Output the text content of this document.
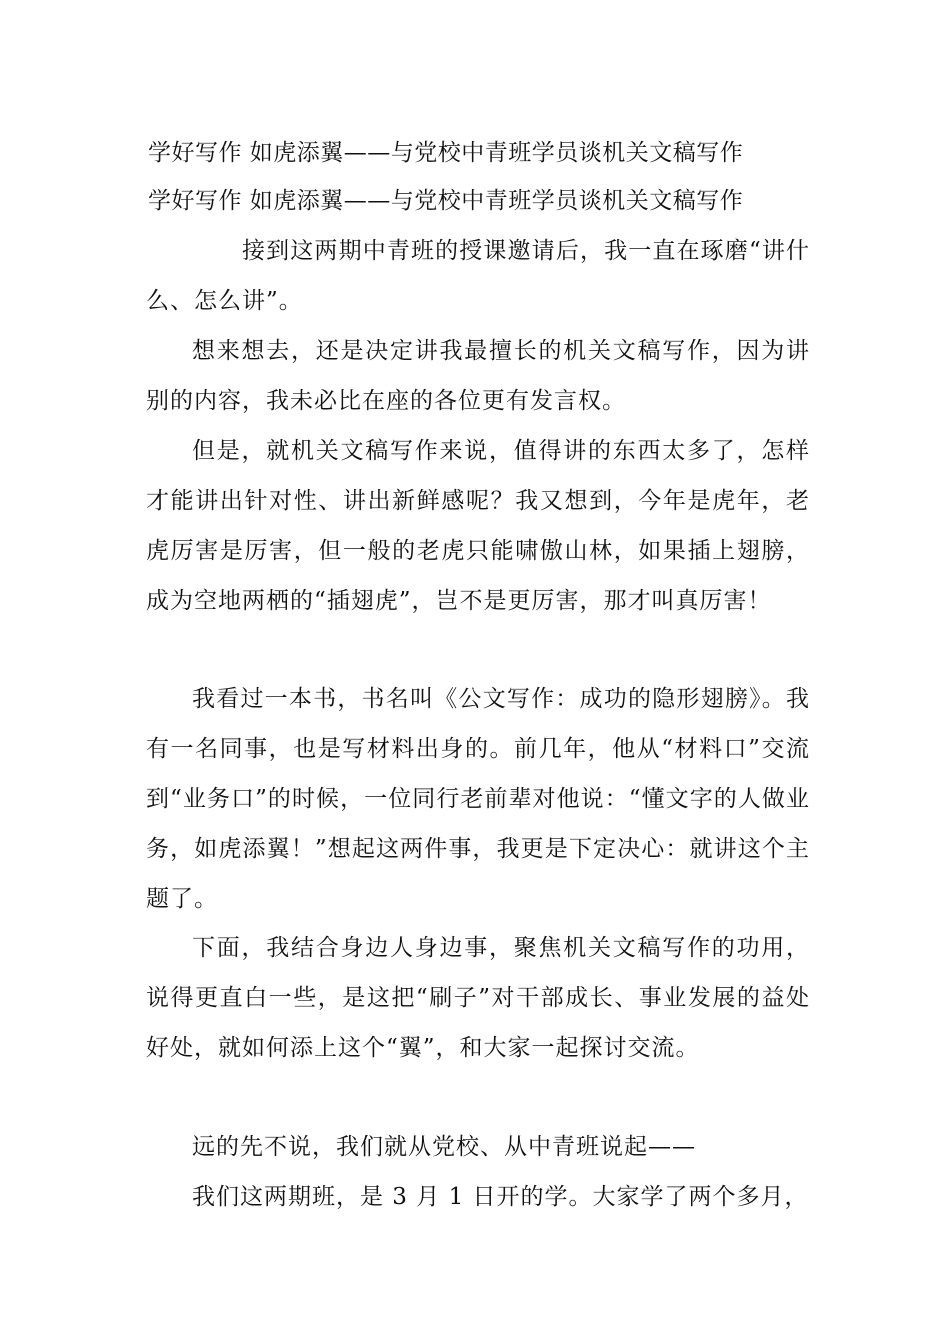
学好写作 如虎添翼——与党校中青班学员谈机关文稿写作
学好写作 如虎添翼——与党校中青班学员谈机关文稿写作
接到这两期中青班的授课邀请后，我一直在琢磨“讲什么、怎么讲”。
想来想去，还是决定讲我最擅长的机关文稿写作，因为讲别的内容，我未必比在座的各位更有发言权。
但是，就机关文稿写作来说，值得讲的东西太多了，怎样才能讲出针对性、讲出新鲜感呢？我又想到，今年是虎年，老虎厉害是厉害，但一般的老虎只能啸傲山林，如果插上翅膀，成为空地两栖的“插翅虎”，岂不是更厉害，那才叫真厉害！
我看过一本书，书名叫《公文写作：成功的隐形翅膀》。我有一名同事，也是写材料出身的。前几年，他从“材料口”交流到“业务口”的时候，一位同行老前辈对他说：“懂文字的人做业务，如虎添翼！”想起这两件事，我更是下定决心：就讲这个主题了。
下面，我结合身边人身边事，聚焦机关文稿写作的功用，说得更直白一些，是这把“刷子”对干部成长、事业发展的益处好处，就如何添上这个“翼”，和大家一起探讨交流。
远的先不说，我们就从党校、从中青班说起——
我们这两期班，是 3 月 1 日开的学。大家学了两个多月，
